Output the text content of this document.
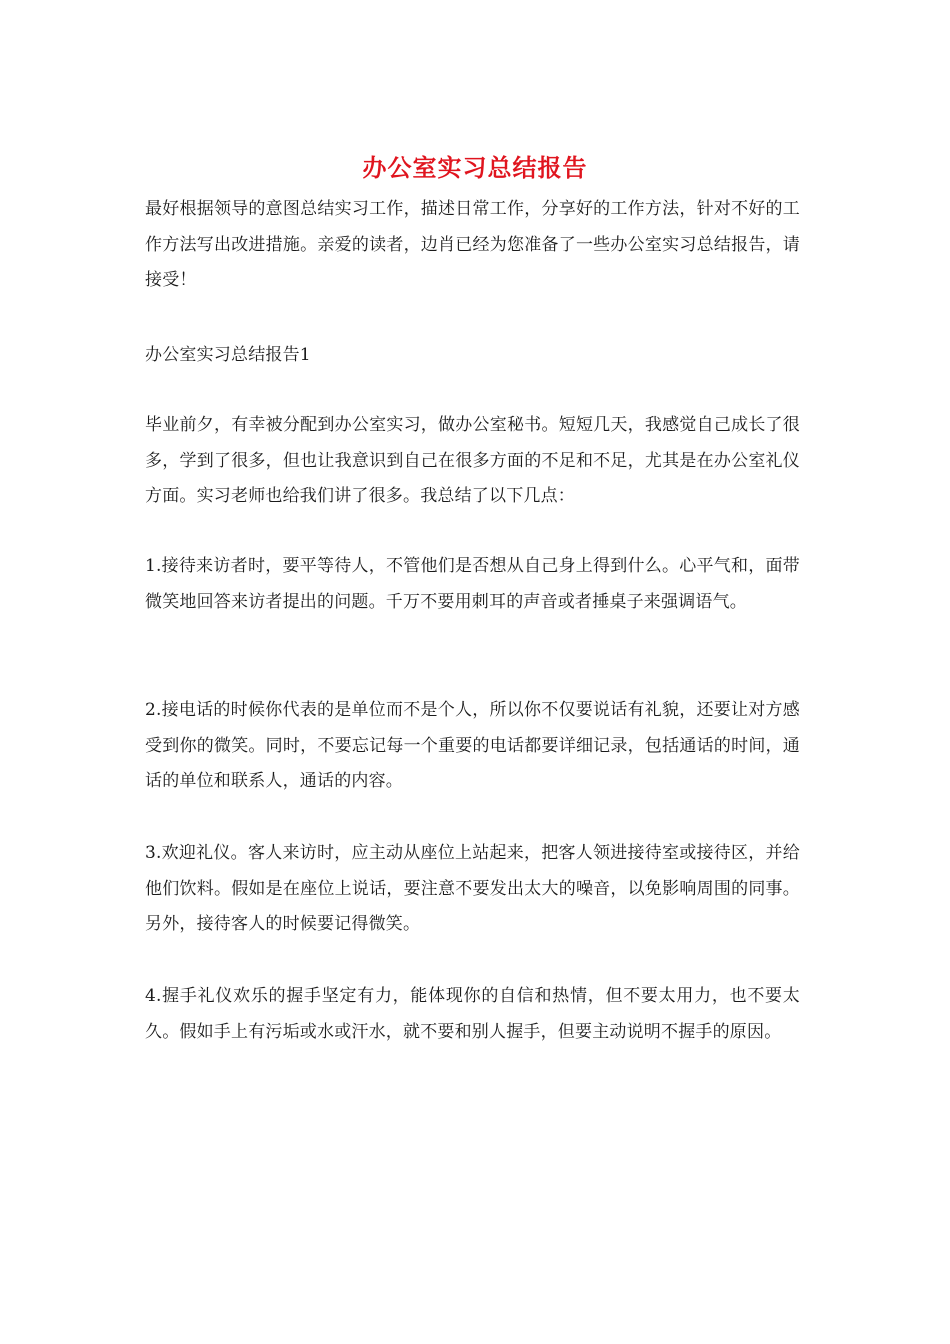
办公室实习总结报告

最好根据领导的意图总结实习工作，描述日常工作，分享好的工作方法，针对不好的工作方法写出改进措施。亲爱的读者，边肖已经为您准备了一些办公室实习总结报告，请接受！

办公室实习总结报告1

毕业前夕，有幸被分配到办公室实习，做办公室秘书。短短几天，我感觉自己成长了很多，学到了很多，但也让我意识到自己在很多方面的不足和不足，尤其是在办公室礼仪方面。实习老师也给我们讲了很多。我总结了以下几点：

1.接待来访者时，要平等待人，不管他们是否想从自己身上得到什么。心平气和，面带微笑地回答来访者提出的问题。千万不要用刺耳的声音或者捶桌子来强调语气。

2.接电话的时候你代表的是单位而不是个人，所以你不仅要说话有礼貌，还要让对方感受到你的微笑。同时，不要忘记每一个重要的电话都要详细记录，包括通话的时间，通话的单位和联系人，通话的内容。

3.欢迎礼仪。客人来访时，应主动从座位上站起来，把客人领进接待室或接待区，并给他们饮料。假如是在座位上说话，要注意不要发出太大的噪音，以免影响周围的同事。另外，接待客人的时候要记得微笑。

4.握手礼仪欢乐的握手坚定有力，能体现你的自信和热情，但不要太用力，也不要太久。假如手上有污垢或水或汗水，就不要和别人握手，但要主动说明不握手的原因。
